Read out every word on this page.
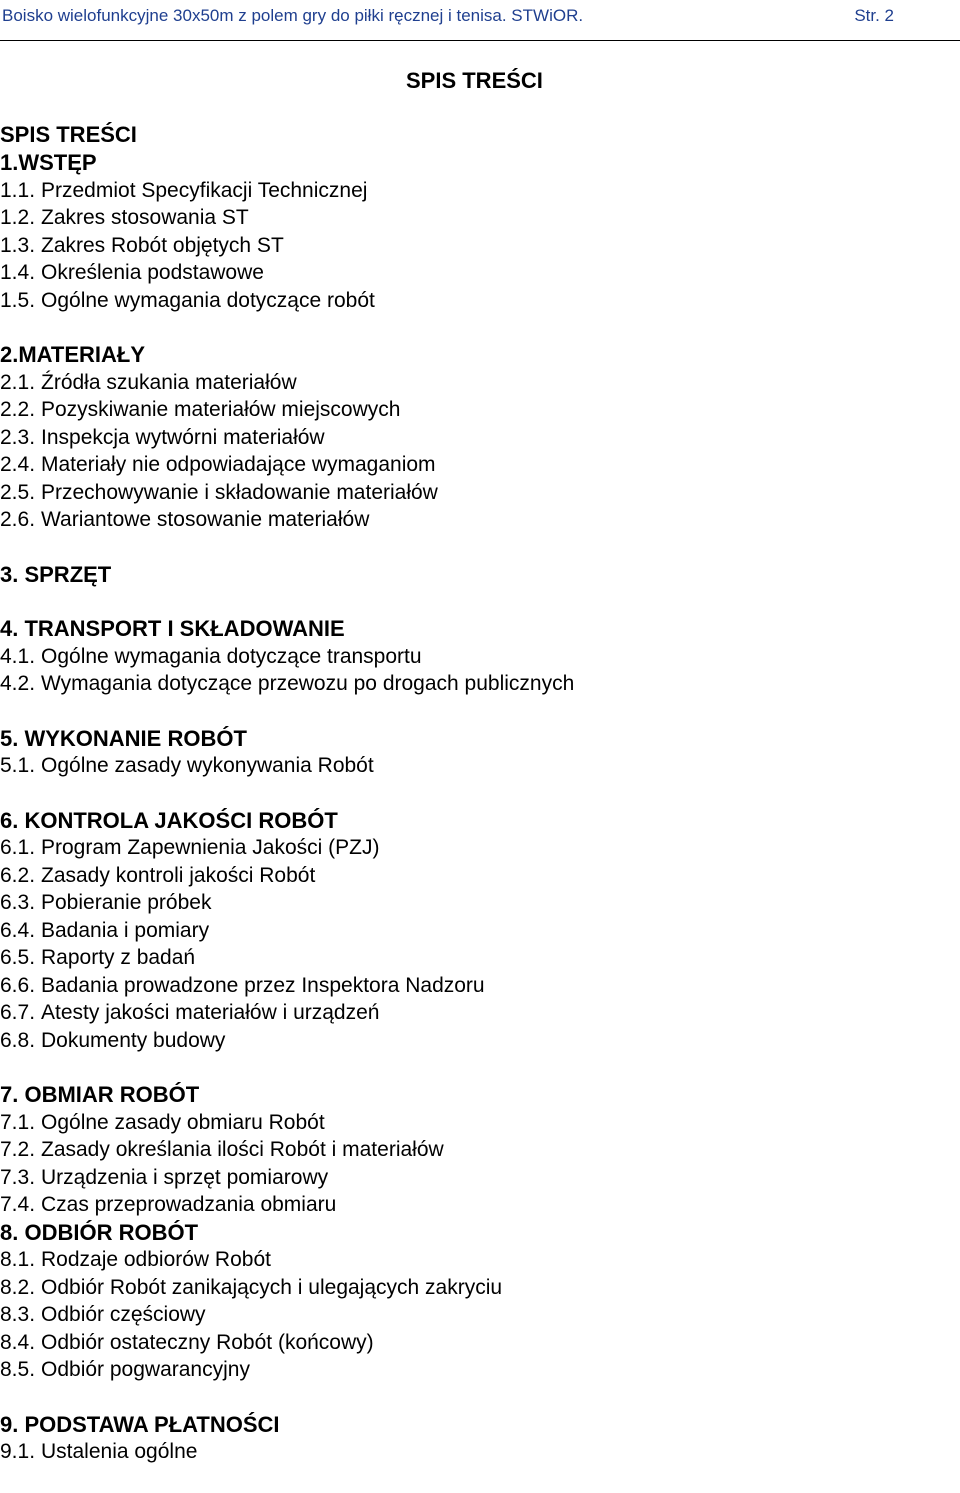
Boisko wielofunkcyjne 30x50m z polem gry do piłki ręcznej i tenisa. STWiOR.	Str. 2
SPIS TREŚCI
SPIS TREŚCI
1.WSTĘP
1.1. Przedmiot Specyfikacji Technicznej
1.2. Zakres stosowania ST
1.3. Zakres Robót objętych ST
1.4. Określenia podstawowe
1.5. Ogólne wymagania dotyczące robót
2.MATERIAŁY
2.1. Źródła szukania materiałów
2.2. Pozyskiwanie materiałów miejscowych
2.3. Inspekcja wytwórni materiałów
2.4. Materiały nie odpowiadające wymaganiom
2.5. Przechowywanie i składowanie materiałów
2.6. Wariantowe stosowanie materiałów
3. SPRZĘT
4. TRANSPORT I SKŁADOWANIE
4.1. Ogólne wymagania dotyczące transportu
4.2. Wymagania dotyczące przewozu po drogach publicznych
5. WYKONANIE ROBÓT
5.1. Ogólne zasady wykonywania Robót
6. KONTROLA JAKOŚCI ROBÓT
6.1. Program Zapewnienia Jakości (PZJ)
6.2. Zasady kontroli jakości Robót
6.3. Pobieranie próbek
6.4. Badania i pomiary
6.5. Raporty z badań
6.6. Badania prowadzone przez Inspektora Nadzoru
6.7. Atesty jakości materiałów i urządzeń
6.8. Dokumenty budowy
7. OBMIAR ROBÓT
7.1. Ogólne zasady obmiaru Robót
7.2. Zasady określania ilości Robót i materiałów
7.3. Urządzenia i sprzęt pomiarowy
7.4. Czas przeprowadzania obmiaru
8. ODBIÓR ROBÓT
8.1. Rodzaje odbiorów Robót
8.2. Odbiór Robót zanikających i ulegających zakryciu
8.3. Odbiór częściowy
8.4. Odbiór ostateczny Robót (końcowy)
8.5. Odbiór pogwarancyjny
9. PODSTAWA PŁATNOŚCI
9.1. Ustalenia ogólne
